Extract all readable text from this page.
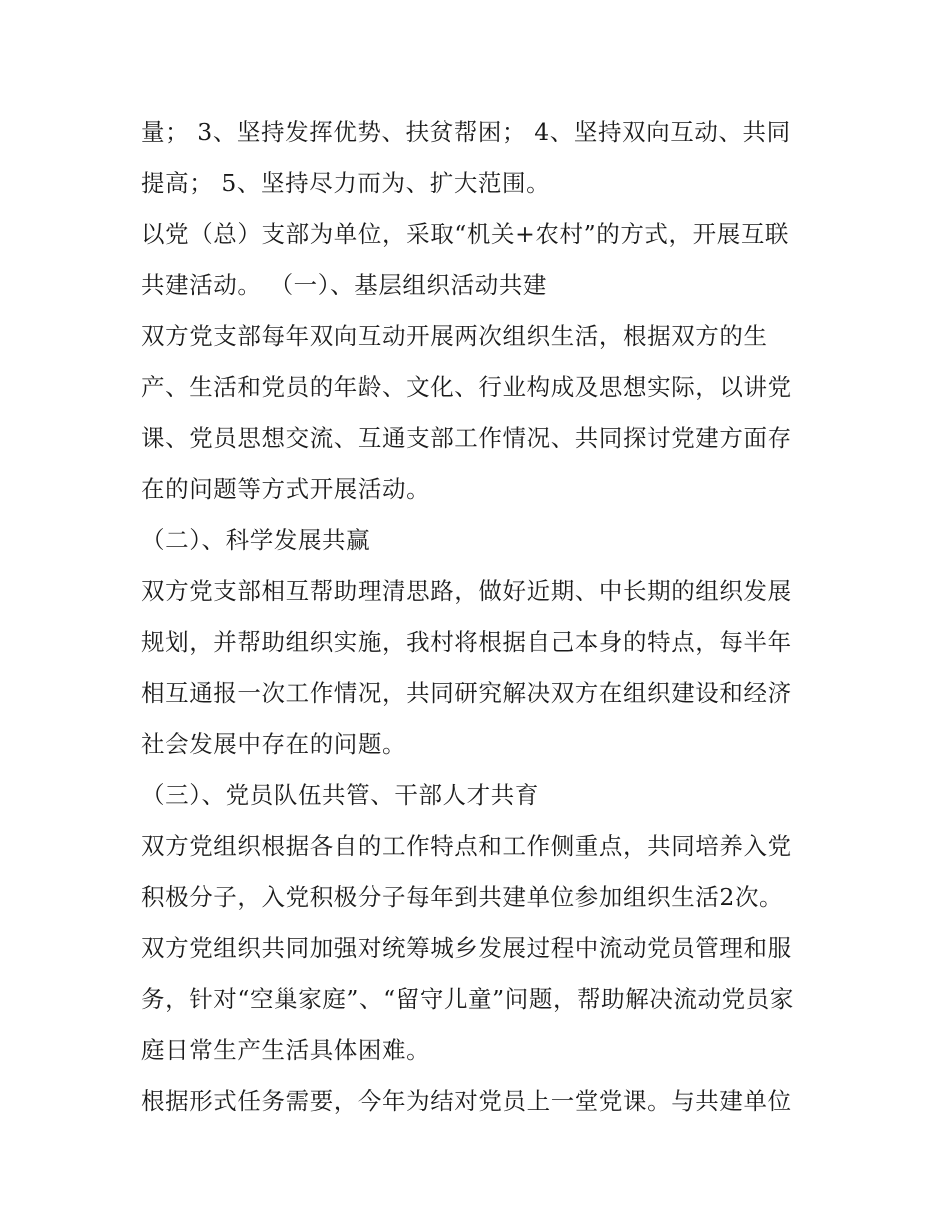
量； 3、坚持发挥优势、扶贫帮困； 4、坚持双向互动、共同
提高； 5、坚持尽力而为、扩大范围。
以党（总）支部为单位，采取“机关+农村”的方式，开展互联
共建活动。 （一）、基层组织活动共建
双方党支部每年双向互动开展两次组织生活，根据双方的生
产、生活和党员的年龄、文化、行业构成及思想实际，以讲党
课、党员思想交流、互通支部工作情况、共同探讨党建方面存
在的问题等方式开展活动。
（二）、科学发展共赢
双方党支部相互帮助理清思路，做好近期、中长期的组织发展
规划，并帮助组织实施，我村将根据自己本身的特点，每半年
相互通报一次工作情况，共同研究解决双方在组织建设和经济
社会发展中存在的问题。
（三）、党员队伍共管、干部人才共育
双方党组织根据各自的工作特点和工作侧重点，共同培养入党
积极分子，入党积极分子每年到共建单位参加组织生活2次。
双方党组织共同加强对统筹城乡发展过程中流动党员管理和服
务，针对“空巢家庭”、“留守儿童”问题，帮助解决流动党员家
庭日常生产生活具体困难。
根据形式任务需要，今年为结对党员上一堂党课。与共建单位
